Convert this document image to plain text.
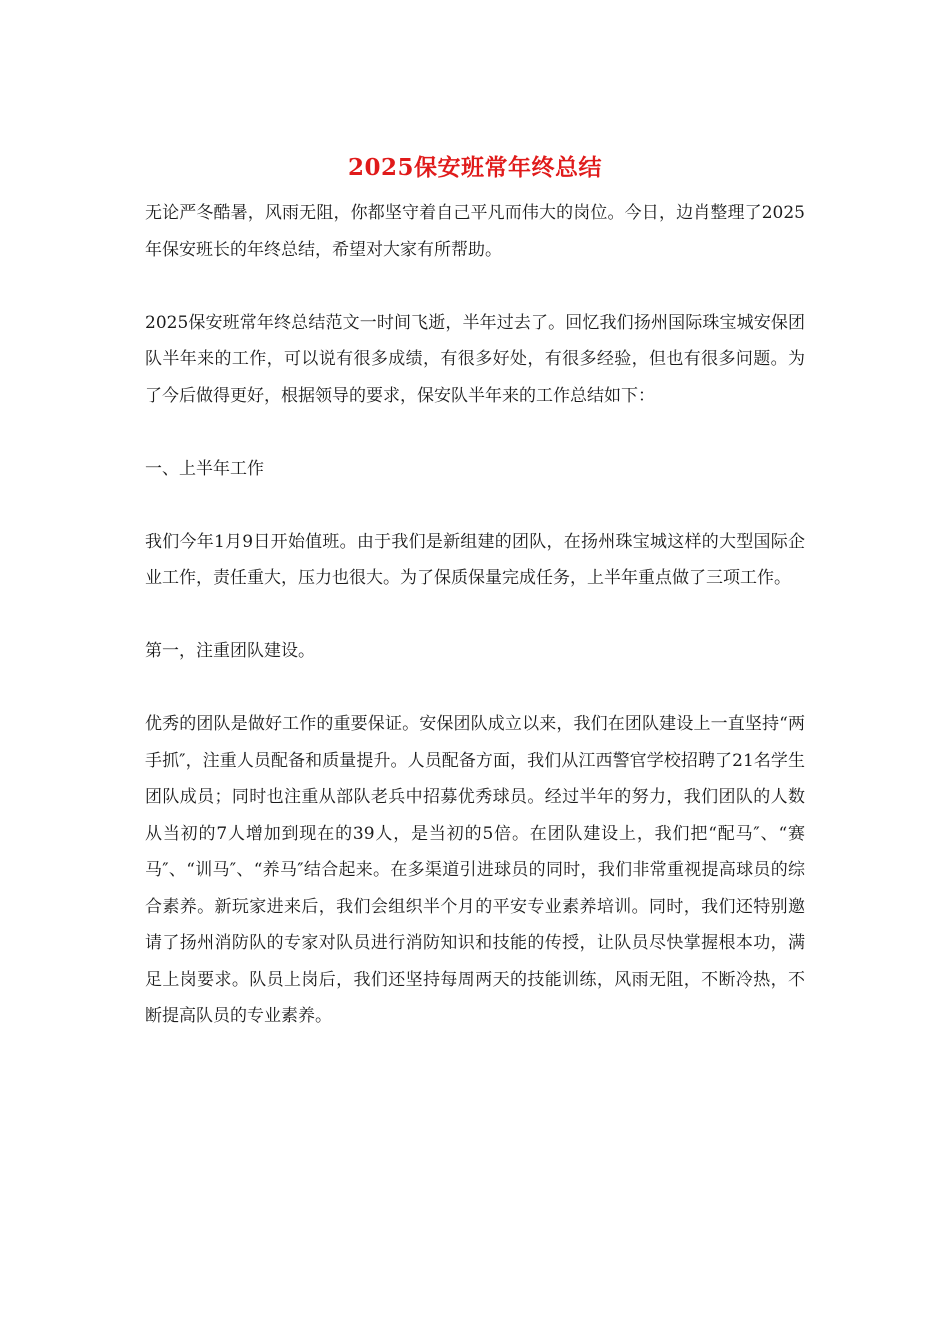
2025保安班常年终总结

无论严冬酷暑，风雨无阻，你都坚守着自己平凡而伟大的岗位。今日，边肖整理了2025年保安班长的年终总结，希望对大家有所帮助。

2025保安班常年终总结范文一时间飞逝，半年过去了。回忆我们扬州国际珠宝城安保团队半年来的工作，可以说有很多成绩，有很多好处，有很多经验，但也有很多问题。为了今后做得更好，根据领导的要求，保安队半年来的工作总结如下：

一、上半年工作

我们今年1月9日开始值班。由于我们是新组建的团队，在扬州珠宝城这样的大型国际企业工作，责任重大，压力也很大。为了保质保量完成任务，上半年重点做了三项工作。

第一，注重团队建设。

优秀的团队是做好工作的重要保证。安保团队成立以来，我们在团队建设上一直坚持“两手抓″，注重人员配备和质量提升。人员配备方面，我们从江西警官学校招聘了21名学生团队成员；同时也注重从部队老兵中招募优秀球员。经过半年的努力，我们团队的人数从当初的7人增加到现在的39人，是当初的5倍。在团队建设上，我们把“配马″、“赛马″、“训马″、“养马″结合起来。在多渠道引进球员的同时，我们非常重视提高球员的综合素养。新玩家进来后，我们会组织半个月的平安专业素养培训。同时，我们还特别邀请了扬州消防队的专家对队员进行消防知识和技能的传授，让队员尽快掌握根本功，满足上岗要求。队员上岗后，我们还坚持每周两天的技能训练，风雨无阻，不断冷热，不断提高队员的专业素养。
